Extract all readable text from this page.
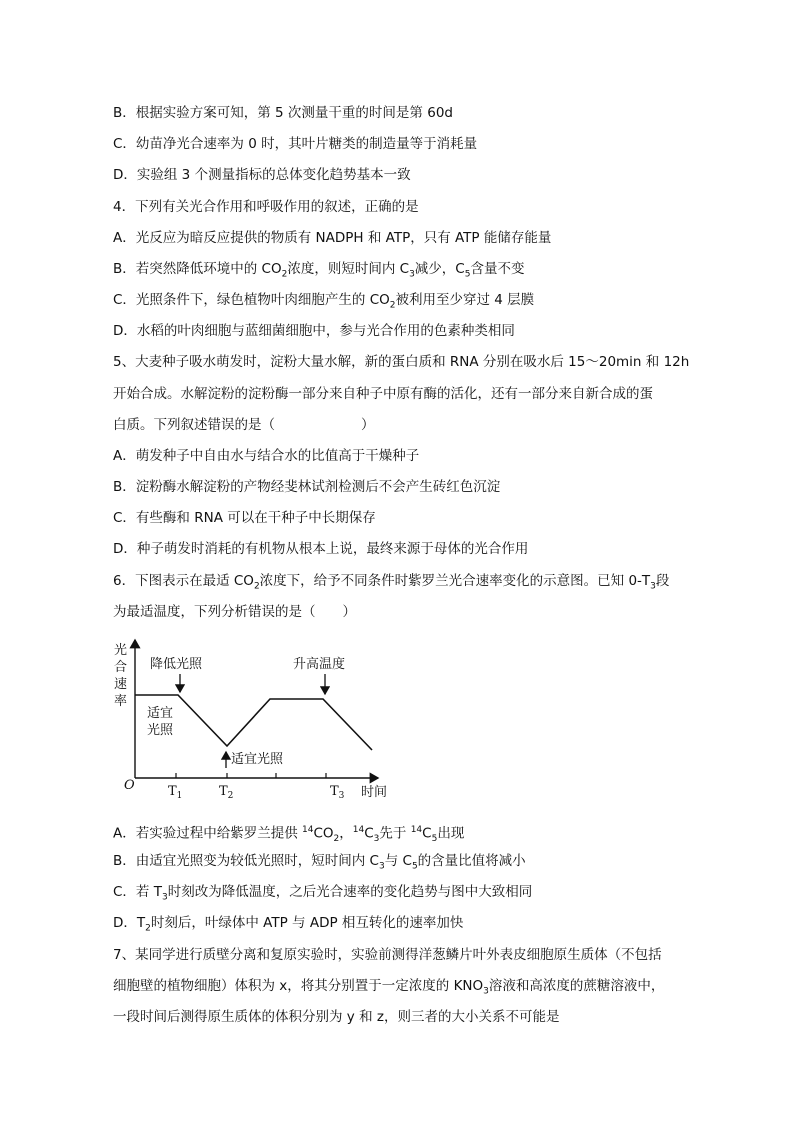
B．根据实验方案可知，第 5 次测量干重的时间是第 60d
C．幼苗净光合速率为 0 时，其叶片糖类的制造量等于消耗量
D．实验组 3 个测量指标的总体变化趋势基本一致
4．下列有关光合作用和呼吸作用的叙述，正确的是
A．光反应为暗反应提供的物质有 NADPH 和 ATP，只有 ATP 能储存能量
B．若突然降低环境中的 $CO_2$浓度，则短时间内 $C_3$减少，$C_5$含量不变
C．光照条件下，绿色植物叶肉细胞产生的 $CO_2$被利用至少穿过 4 层膜
D．水稻的叶肉细胞与蓝细菌细胞中，参与光合作用的色素种类相同
5、大麦种子吸水萌发时，淀粉大量水解，新的蛋白质和 RNA 分别在吸水后 15～20min 和 12h
开始合成。水解淀粉的淀粉酶一部分来自种子中原有酶的活化，还有一部分来自新合成的蛋
白质。下列叙述错误的是（	）
A．萌发种子中自由水与结合水的比值高于干燥种子
B．淀粉酶水解淀粉的产物经斐林试剂检测后不会产生砖红色沉淀
C．有些酶和 RNA 可以在干种子中长期保存
D．种子萌发时消耗的有机物从根本上说，最终来源于母体的光合作用
6．下图表示在最适 $CO_2$浓度下，给予不同条件时紫罗兰光合速率变化的示意图。已知 $0-T_3$段
为最适温度，下列分析错误的是（　　）
光
合
速
率
降低光照	升高温度
适宜
光照
适宜光照
O	$T_1$	$T_2$	$T_3$ 时间
A．若实验过程中给紫罗兰提供 $^{14}CO_2$，$^{14}C_3$先于 $^{14}C_5$出现
B．由适宜光照变为较低光照时，短时间内 $C_3$与 $C_5$的含量比值将减小
C．若 $T_3$时刻改为降低温度，之后光合速率的变化趋势与图中大致相同
D．$T_2$时刻后，叶绿体中 ATP 与 ADP 相互转化的速率加快
7、某同学进行质壁分离和复原实验时，实验前测得洋葱鳞片叶外表皮细胞原生质体（不包括
细胞壁的植物细胞）体积为 x，将其分别置于一定浓度的 $KNO_3$溶液和高浓度的蔗糖溶液中，
一段时间后测得原生质体的体积分别为 y 和 z，则三者的大小关系不可能是
